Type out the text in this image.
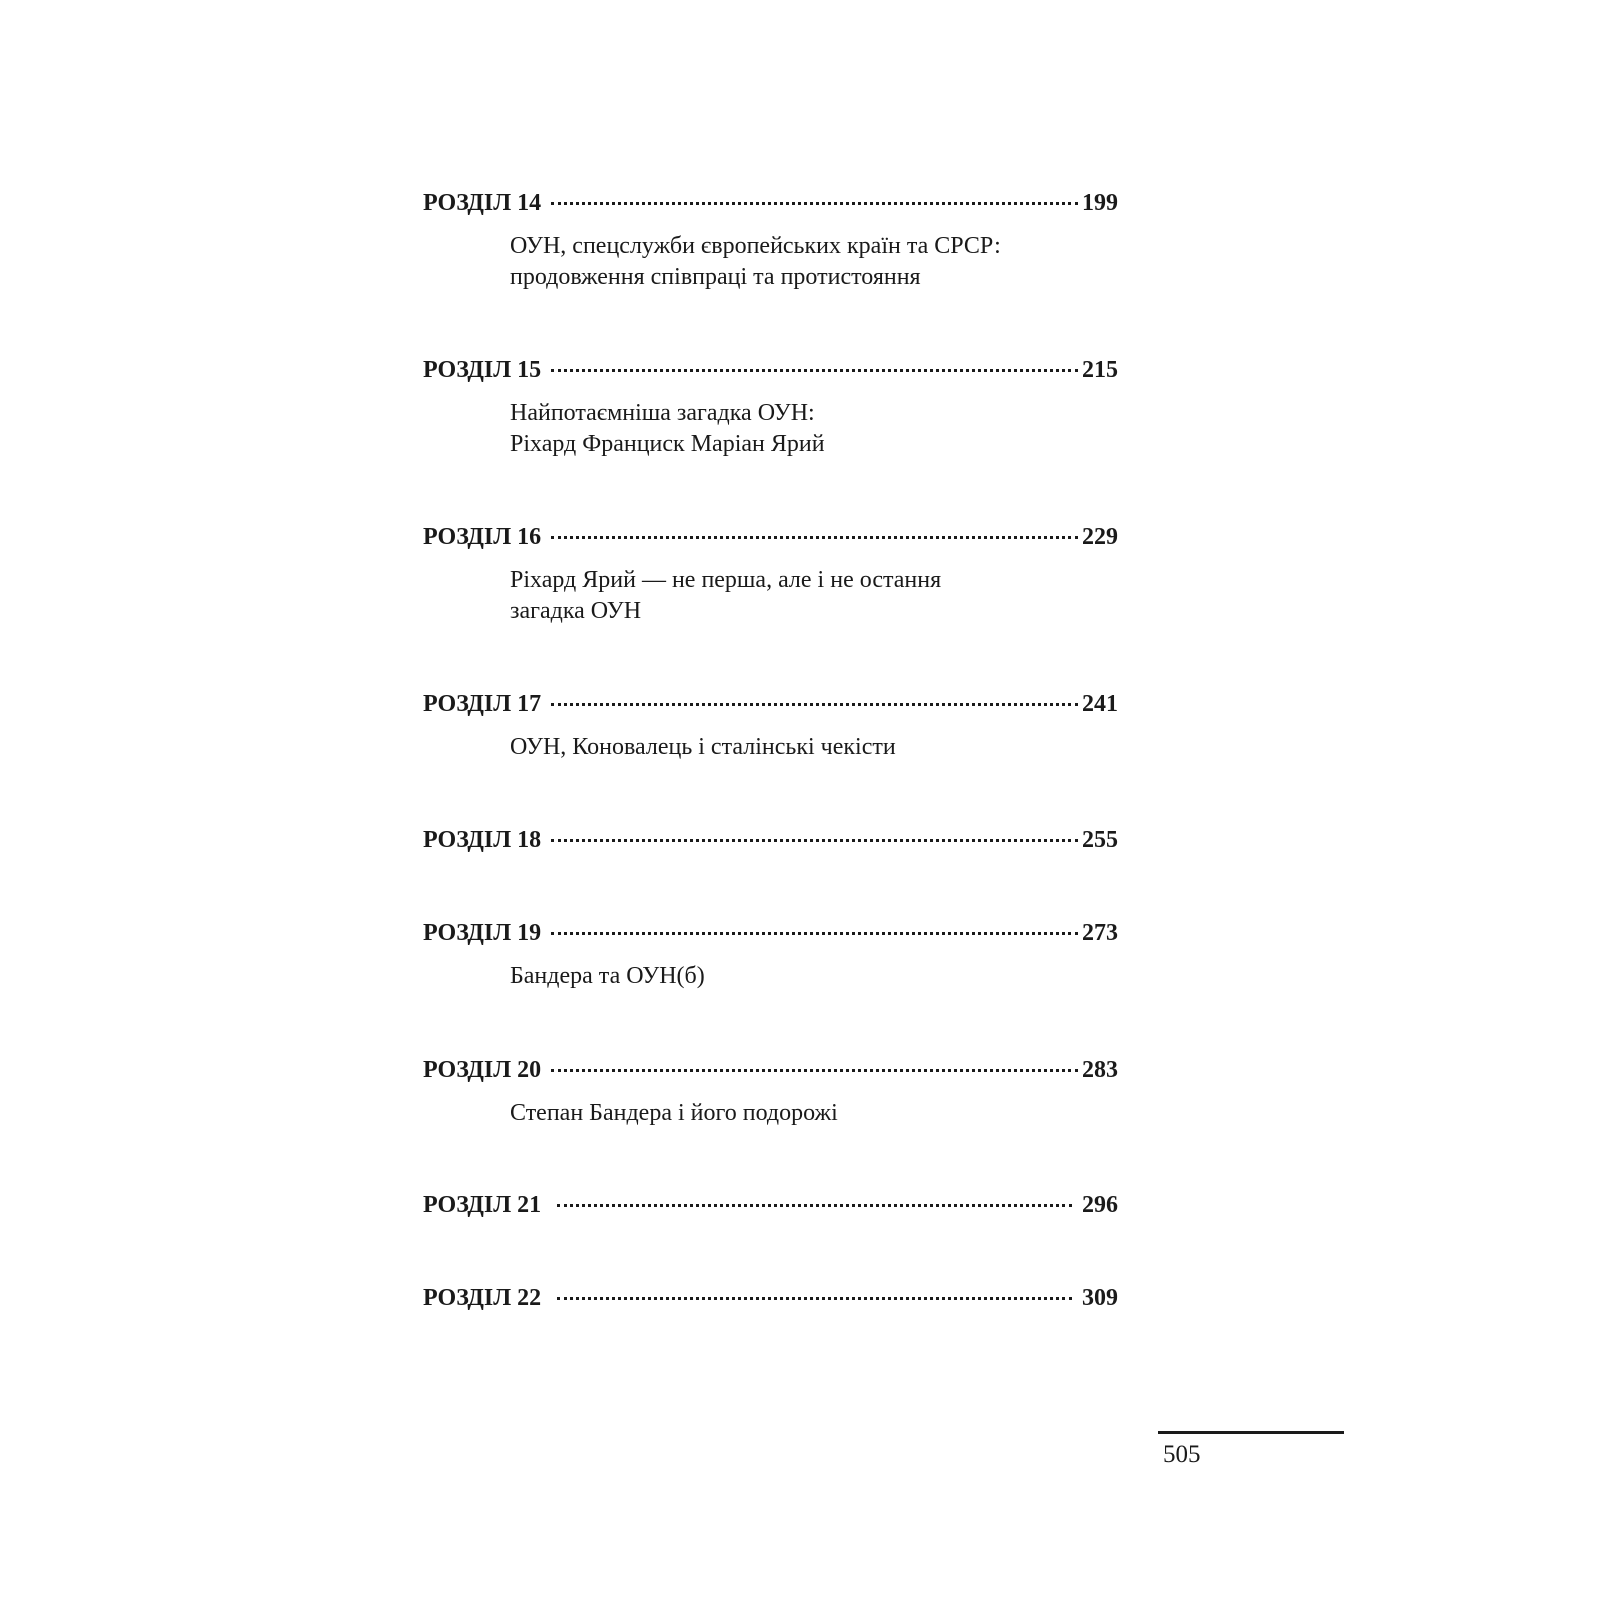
РОЗДІЛ 14	199
ОУН, спецслужби європейських країн та СРСР:
продовження співпраці та протистояння
РОЗДІЛ 15	215
Найпотаємніша загадка ОУН:
Ріхард Франциск Маріан Ярий
РОЗДІЛ 16	229
Ріхард Ярий — не перша, але і не остання
загадка ОУН
РОЗДІЛ 17	241
ОУН, Коновалець і сталінські чекісти
РОЗДІЛ 18	255
РОЗДІЛ 19	273
Бандера та ОУН(б)
РОЗДІЛ 20	283
Степан Бандера і його подорожі
РОЗДІЛ 21	296
РОЗДІЛ 22	309
505
